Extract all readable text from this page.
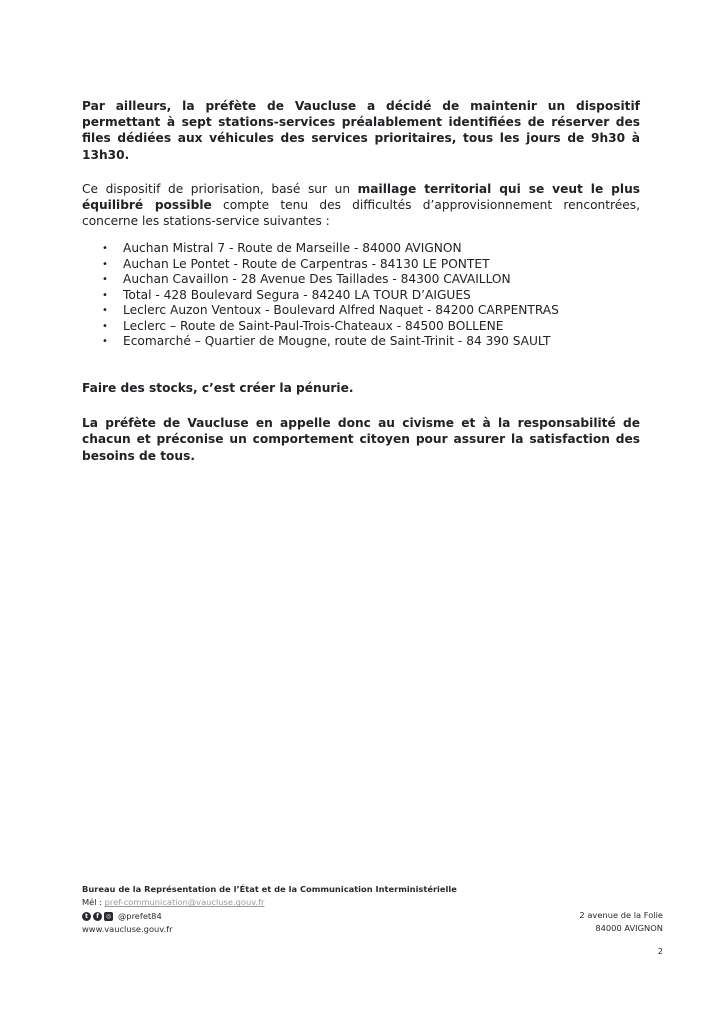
Par ailleurs, la préfète de Vaucluse a décidé de maintenir un dispositif permettant à sept stations-services préalablement identifiées de réserver des files dédiées aux véhicules des services prioritaires, tous les jours de 9h30 à 13h30.

Ce dispositif de priorisation, basé sur un maillage territorial qui se veut le plus équilibré possible compte tenu des difficultés d’approvisionnement rencontrées, concerne les stations-service suivantes :

• Auchan Mistral 7 - Route de Marseille - 84000 AVIGNON
• Auchan Le Pontet - Route de Carpentras - 84130 LE PONTET
• Auchan Cavaillon - 28 Avenue Des Taillades - 84300 CAVAILLON
• Total - 428 Boulevard Segura - 84240 LA TOUR D’AIGUES
• Leclerc Auzon Ventoux - Boulevard Alfred Naquet - 84200 CARPENTRAS
• Leclerc – Route de Saint-Paul-Trois-Chateaux - 84500 BOLLENE
• Ecomarché – Quartier de Mougne, route de Saint-Trinit - 84 390 SAULT

Faire des stocks, c’est créer la pénurie.

La préfète de Vaucluse en appelle donc au civisme et à la responsabilité de chacun et préconise un comportement citoyen pour assurer la satisfaction des besoins de tous.

Bureau de la Représentation de l’État et de la Communication Interministérielle
Mél : pref-communication@vaucluse.gouv.fr
t	f	◎ @prefet84
www.vaucluse.gouv.fr
2 avenue de la Folie
84000 AVIGNON
2
